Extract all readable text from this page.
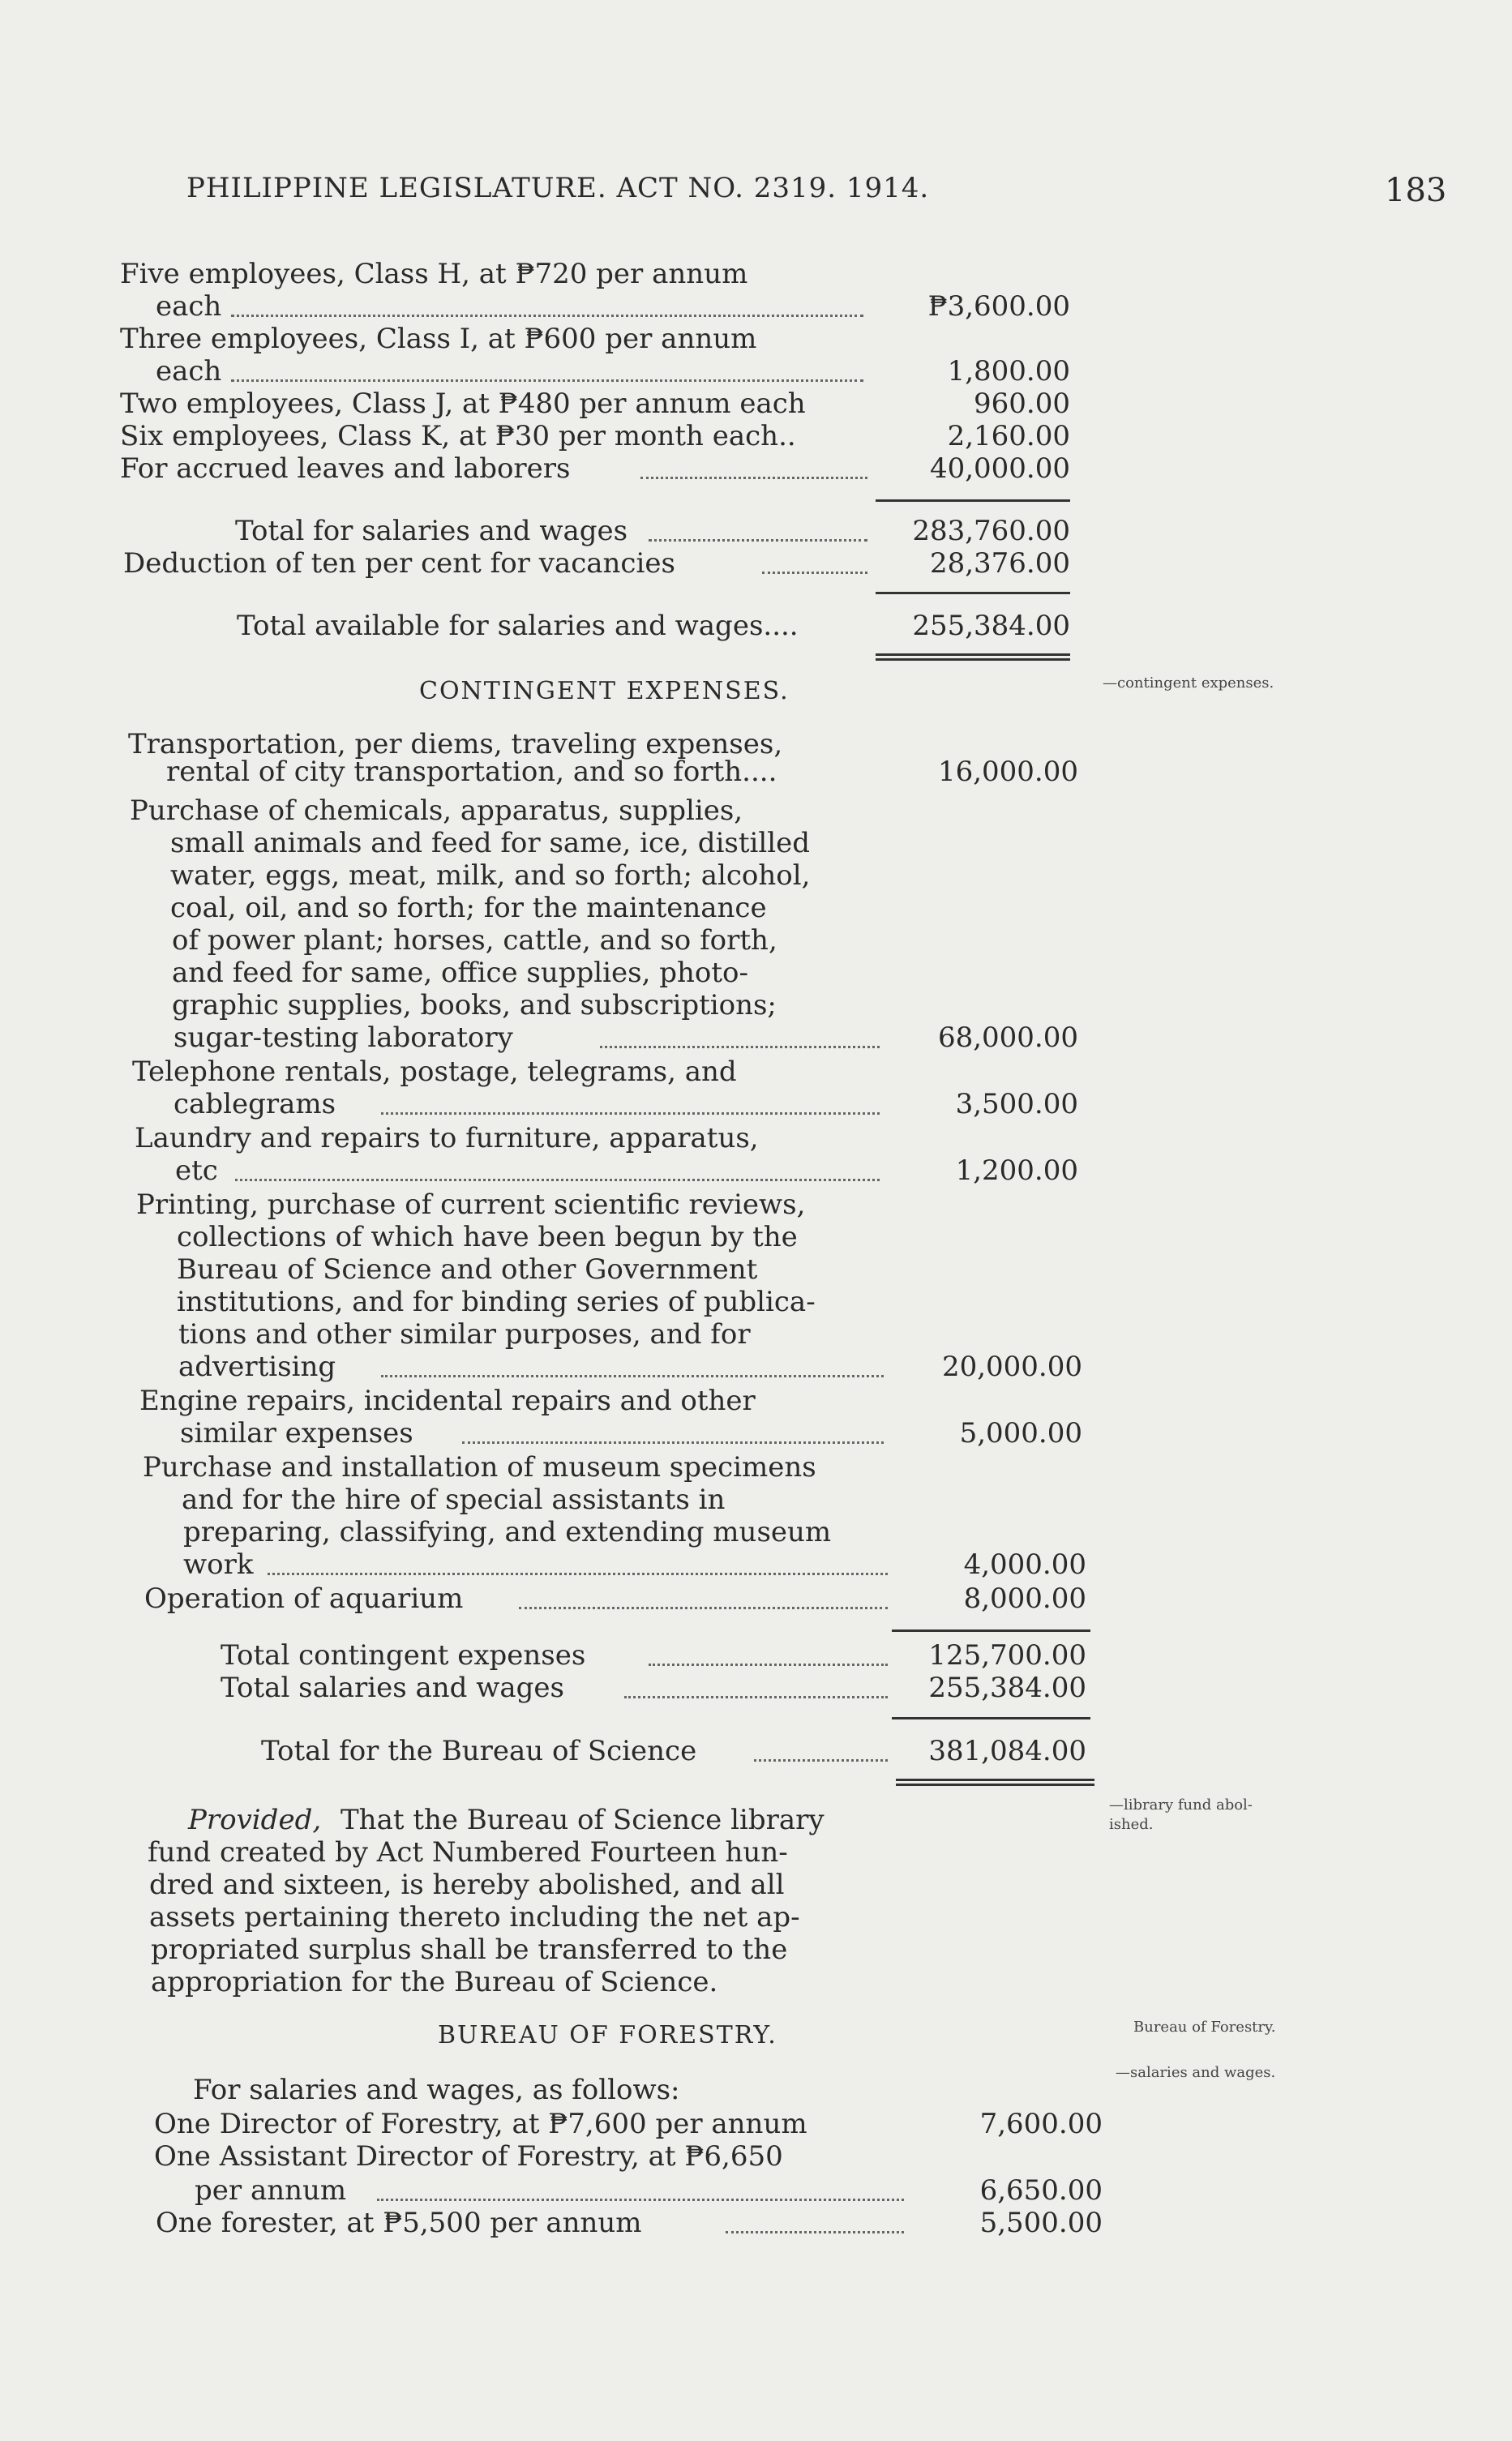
PHILIPPINE LEGISLATURE. ACT NO. 2319. 1914.	183
Five employees, Class H, at ₱720 per annum
each	₱3,600.00
Three employees, Class I, at ₱600 per annum
each	1,800.00
Two employees, Class J, at ₱480 per annum each	960.00
Six employees, Class K, at ₱30 per month each..	2,160.00
For accrued leaves and laborers	40,000.00
Total for salaries and wages	283,760.00
Deduction of ten per cent for vacancies	28,376.00
Total available for salaries and wages....	255,384.00
CONTINGENT EXPENSES.	—contingent expenses.
Transportation, per diems, traveling expenses,
rental of city transportation, and so forth....	16,000.00
Purchase of chemicals, apparatus, supplies,
small animals and feed for same, ice, distilled
water, eggs, meat, milk, and so forth; alcohol,
coal, oil, and so forth; for the maintenance
of power plant; horses, cattle, and so forth,
and feed for same, office supplies, photo-
graphic supplies, books, and subscriptions;
sugar-testing laboratory	68,000.00
Telephone rentals, postage, telegrams, and
cablegrams	3,500.00
Laundry and repairs to furniture, apparatus,
etc	1,200.00
Printing, purchase of current scientific reviews,
collections of which have been begun by the
Bureau of Science and other Government
institutions, and for binding series of publica-
tions and other similar purposes, and for
advertising	20,000.00
Engine repairs, incidental repairs and other
similar expenses	5,000.00
Purchase and installation of museum specimens
and for the hire of special assistants in
preparing, classifying, and extending museum
work	4,000.00
Operation of aquarium	8,000.00
Total contingent expenses	125,700.00
Total salaries and wages	255,384.00
Total for the Bureau of Science	381,084.00
Provided, That the Bureau of Science library
fund created by Act Numbered Fourteen hun-
dred and sixteen, is hereby abolished, and all
assets pertaining thereto including the net ap-
propriated surplus shall be transferred to the
appropriation for the Bureau of Science.
—library fund abol-
ished.
BUREAU OF FORESTRY.	Bureau of Forestry.
—salaries and wages.
For salaries and wages, as follows:
One Director of Forestry, at ₱7,600 per annum	7,600.00
One Assistant Director of Forestry, at ₱6,650
per annum	6,650.00
One forester, at ₱5,500 per annum	5,500.00
